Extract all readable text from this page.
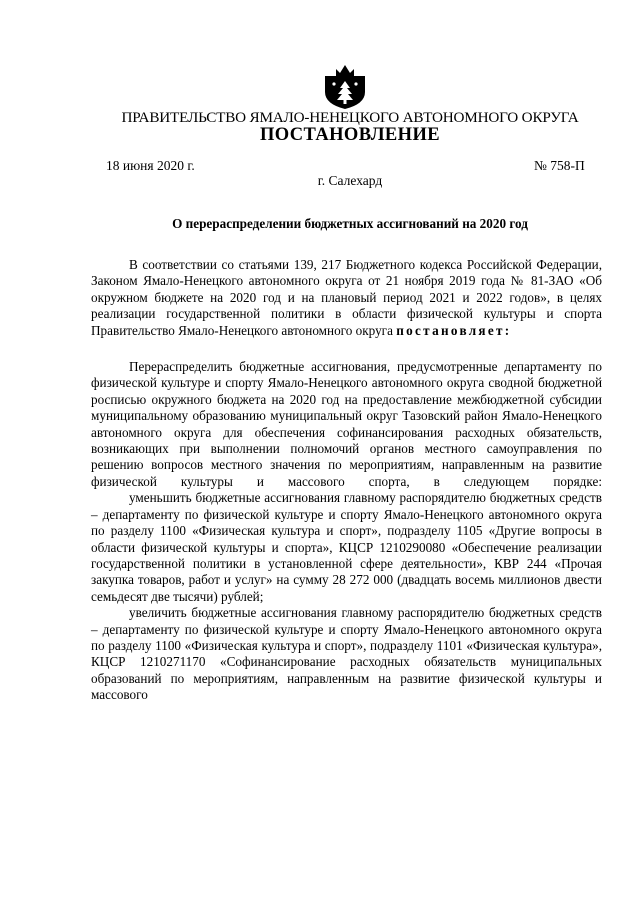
ПРАВИТЕЛЬСТВО ЯМАЛО-НЕНЕЦКОГО АВТОНОМНОГО ОКРУГА
ПОСТАНОВЛЕНИЕ
18 июня 2020 г.	№ 758-П
г. Салехард
О перераспределении бюджетных ассигнований на 2020 год

В соответствии со статьями 139, 217 Бюджетного кодекса Российской Федерации, Законом Ямало-Ненецкого автономного округа от 21 ноября 2019 года № 81-ЗАО «Об окружном бюджете на 2020 год и на плановый период 2021 и 2022 годов», в целях реализации государственной политики в области физической культуры и спорта Правительство Ямало-Ненецкого автономного округа постановляет:

Перераспределить бюджетные ассигнования, предусмотренные департаменту по физической культуре и спорту Ямало-Ненецкого автономного округа сводной бюджетной росписью окружного бюджета на 2020 год на предоставление межбюджетной субсидии муниципальному образованию муниципальный округ Тазовский район Ямало-Ненецкого автономного округа для обеспечения софинансирования расходных обязательств, возникающих при выполнении полномочий органов местного самоуправления по решению вопросов местного значения по мероприятиям, направленным на развитие физической культуры и массового спорта, в следующем порядке:

уменьшить бюджетные ассигнования главному распорядителю бюджетных средств – департаменту по физической культуре и спорту Ямало-Ненецкого автономного округа по разделу 1100 «Физическая культура и спорт», подразделу 1105 «Другие вопросы в области физической культуры и спорта», КЦСР 1210290080 «Обеспечение реализации государственной политики в установленной сфере деятельности», КВР 244 «Прочая закупка товаров, работ и услуг» на сумму 28 272 000 (двадцать восемь миллионов двести семьдесят две тысячи) рублей;

увеличить бюджетные ассигнования главному распорядителю бюджетных средств – департаменту по физической культуре и спорту Ямало-Ненецкого автономного округа по разделу 1100 «Физическая культура и спорт», подразделу 1101 «Физическая культура», КЦСР 1210271170 «Софинансирование расходных обязательств муниципальных образований по мероприятиям, направленным на развитие физической культуры и массового
